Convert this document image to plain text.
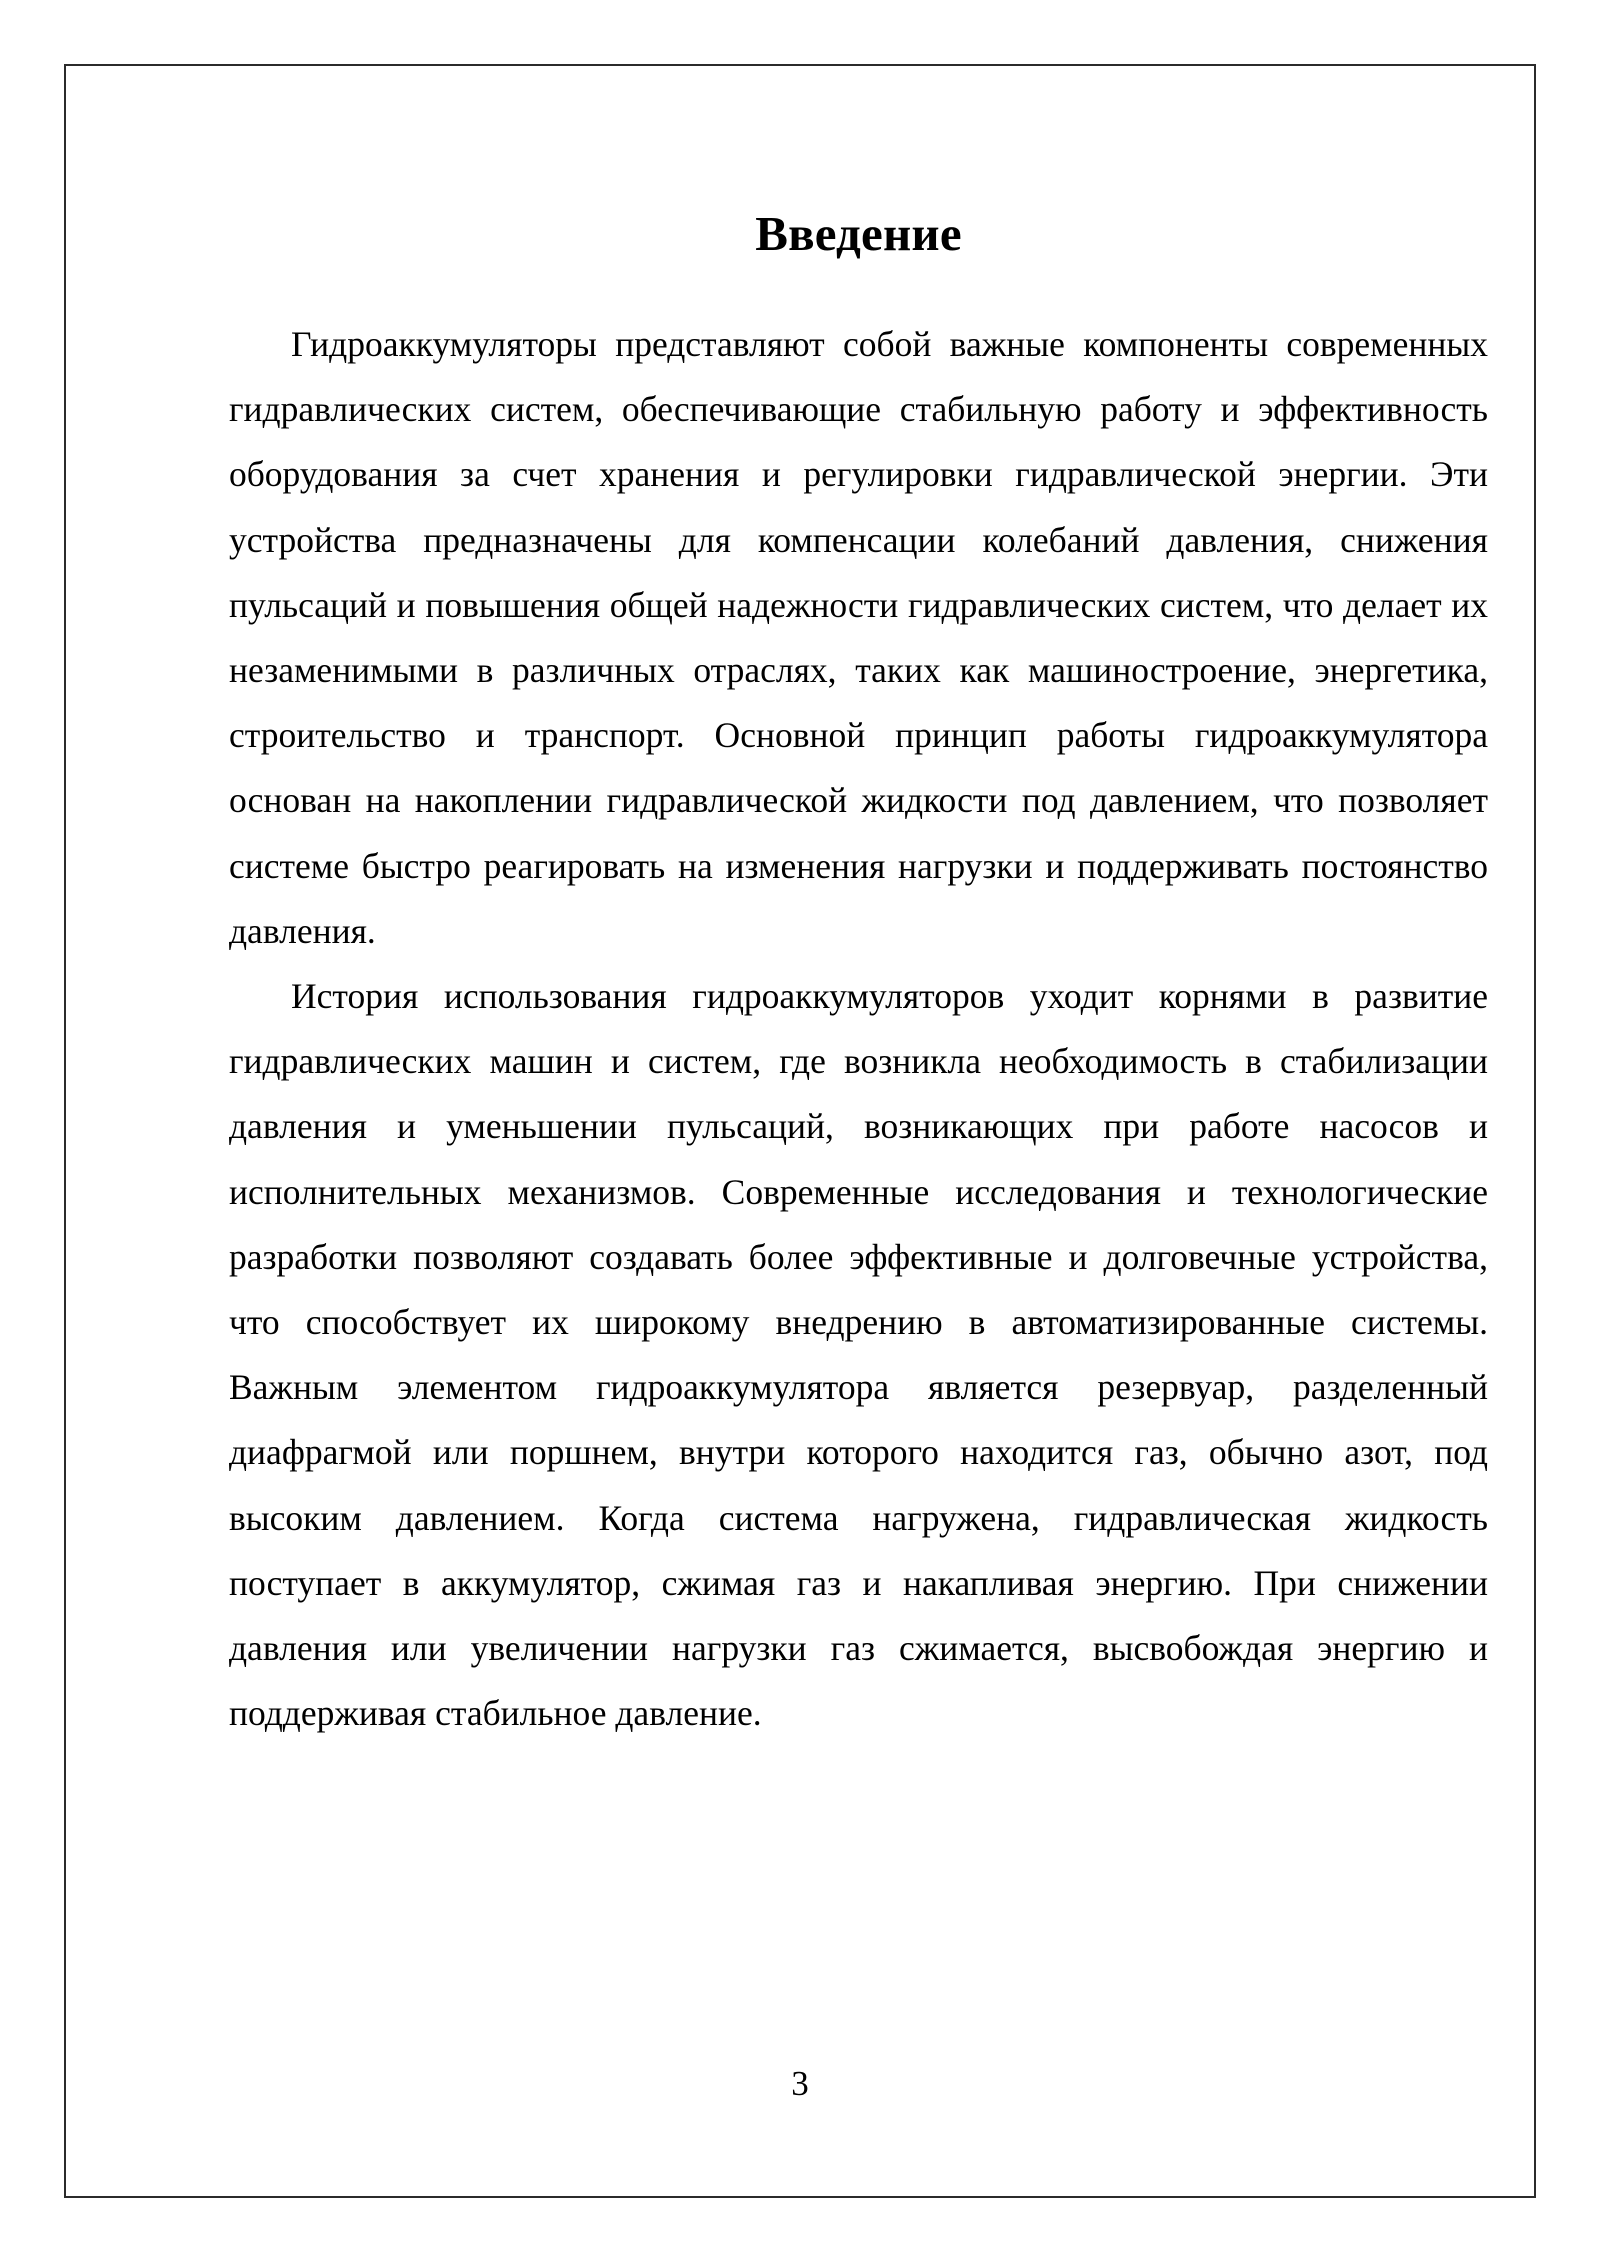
Введение

Гидроаккумуляторы представляют собой важные компоненты современных гидравлических систем, обеспечивающие стабильную работу и эффективность оборудования за счет хранения и регулировки гидравлической энергии. Эти устройства предназначены для компенсации колебаний давления, снижения пульсаций и повышения общей надежности гидравлических систем, что делает их незаменимыми в различных отраслях, таких как машиностроение, энергетика, строительство и транспорт. Основной принцип работы гидроаккумулятора основан на накоплении гидравлической жидкости под давлением, что позволяет системе быстро реагировать на изменения нагрузки и поддерживать постоянство давления.

История использования гидроаккумуляторов уходит корнями в развитие гидравлических машин и систем, где возникла необходимость в стабилизации давления и уменьшении пульсаций, возникающих при работе насосов и исполнительных механизмов. Современные исследования и технологические разработки позволяют создавать более эффективные и долговечные устройства, что способствует их широкому внедрению в автоматизированные системы. Важным элементом гидроаккумулятора является резервуар, разделенный диафрагмой или поршнем, внутри которого находится газ, обычно азот, под высоким давлением. Когда система нагружена, гидравлическая жидкость поступает в аккумулятор, сжимая газ и накапливая энергию. При снижении давления или увеличении нагрузки газ сжимается, высвобождая энергию и поддерживая стабильное давление.

3
